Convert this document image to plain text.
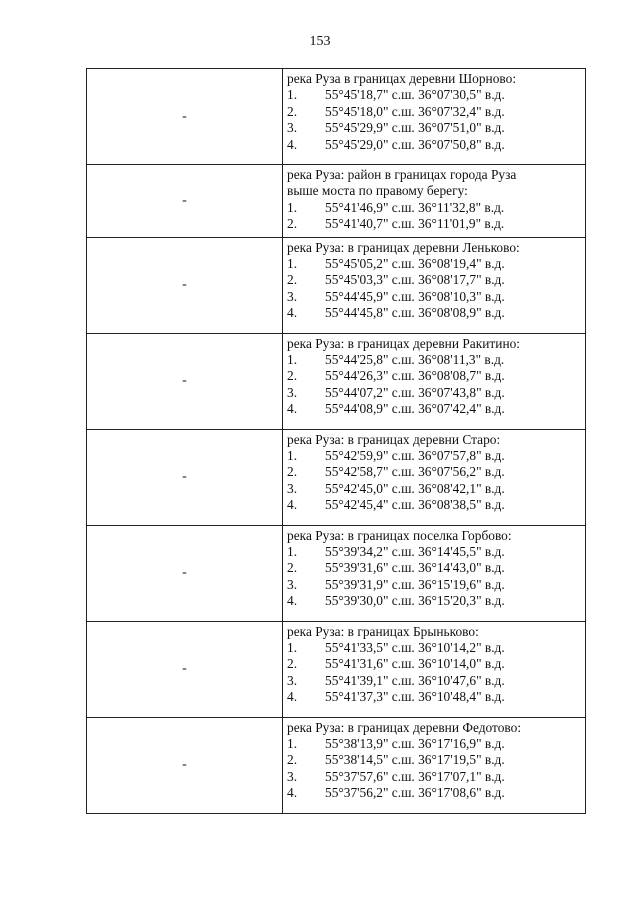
153
-	река Руза в границах деревни Шорново:
1. 55°45'18,7" с.ш. 36°07'30,5" в.д.
2. 55°45'18,0" с.ш. 36°07'32,4" в.д.
3. 55°45'29,9" с.ш. 36°07'51,0" в.д.
4. 55°45'29,0" с.ш. 36°07'50,8" в.д.

-	река Руза: район в границах города Руза
выше моста по правому берегу:
1. 55°41'46,9" с.ш. 36°11'32,8" в.д.
2. 55°41'40,7" с.ш. 36°11'01,9" в.д.

-	река Руза: в границах деревни Леньково:
1. 55°45'05,2" с.ш. 36°08'19,4" в.д.
2. 55°45'03,3" с.ш. 36°08'17,7" в.д.
3. 55°44'45,9" с.ш. 36°08'10,3" в.д.
4. 55°44'45,8" с.ш. 36°08'08,9" в.д.

-	река Руза: в границах деревни Ракитино:
1. 55°44'25,8" с.ш. 36°08'11,3" в.д.
2. 55°44'26,3" с.ш. 36°08'08,7" в.д.
3. 55°44'07,2" с.ш. 36°07'43,8" в.д.
4. 55°44'08,9" с.ш. 36°07'42,4" в.д.

-	река Руза: в границах деревни Старо:
1. 55°42'59,9" с.ш. 36°07'57,8" в.д.
2. 55°42'58,7" с.ш. 36°07'56,2" в.д.
3. 55°42'45,0" с.ш. 36°08'42,1" в.д.
4. 55°42'45,4" с.ш. 36°08'38,5" в.д.

-	река Руза: в границах поселка Горбово:
1. 55°39'34,2" с.ш. 36°14'45,5" в.д.
2. 55°39'31,6" с.ш. 36°14'43,0" в.д.
3. 55°39'31,9" с.ш. 36°15'19,6" в.д.
4. 55°39'30,0" с.ш. 36°15'20,3" в.д.

-	река Руза: в границах Брыньково:
1. 55°41'33,5" с.ш. 36°10'14,2" в.д.
2. 55°41'31,6" с.ш. 36°10'14,0" в.д.
3. 55°41'39,1" с.ш. 36°10'47,6" в.д.
4. 55°41'37,3" с.ш. 36°10'48,4" в.д.

-	река Руза: в границах деревни Федотово:
1. 55°38'13,9" с.ш. 36°17'16,9" в.д.
2. 55°38'14,5" с.ш. 36°17'19,5" в.д.
3. 55°37'57,6" с.ш. 36°17'07,1" в.д.
4. 55°37'56,2" с.ш. 36°17'08,6" в.д.
